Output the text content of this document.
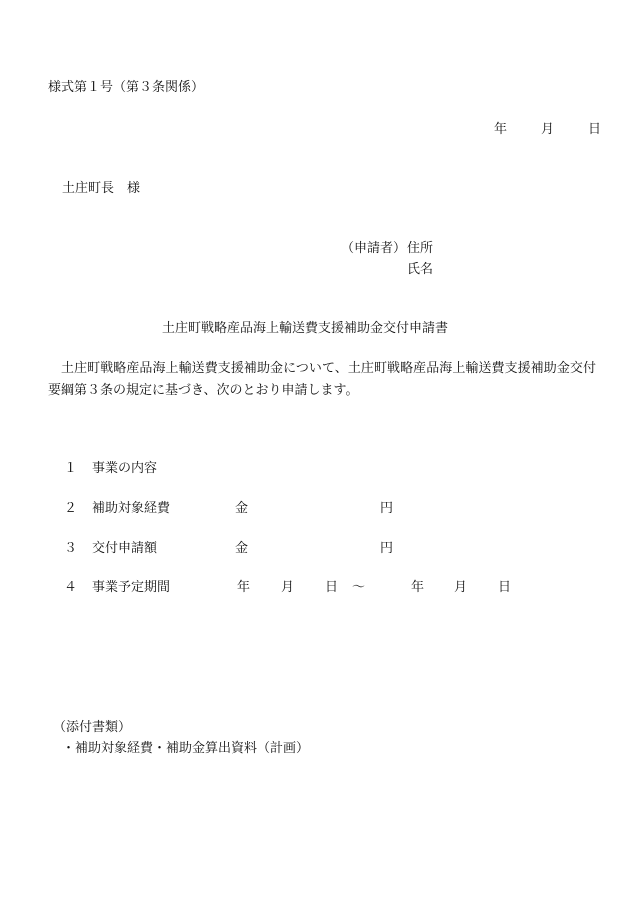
様式第１号（第３条関係）
年	月	日
土庄町長　様
（申請者） 住所
氏名
土庄町戦略産品海上輸送費支援補助金交付申請書
土庄町戦略産品海上輸送費支援補助金について、土庄町戦略産品海上輸送費支援補助金交付要綱第３条の規定に基づき、次のとおり申請します。
１ 事業の内容
２ 補助対象経費	金	円
３ 交付申請額	金	円
４ 事業予定期間	年 月 日 ～	年 月 日
（添付書類）
・補助対象経費・補助金算出資料（計画）
